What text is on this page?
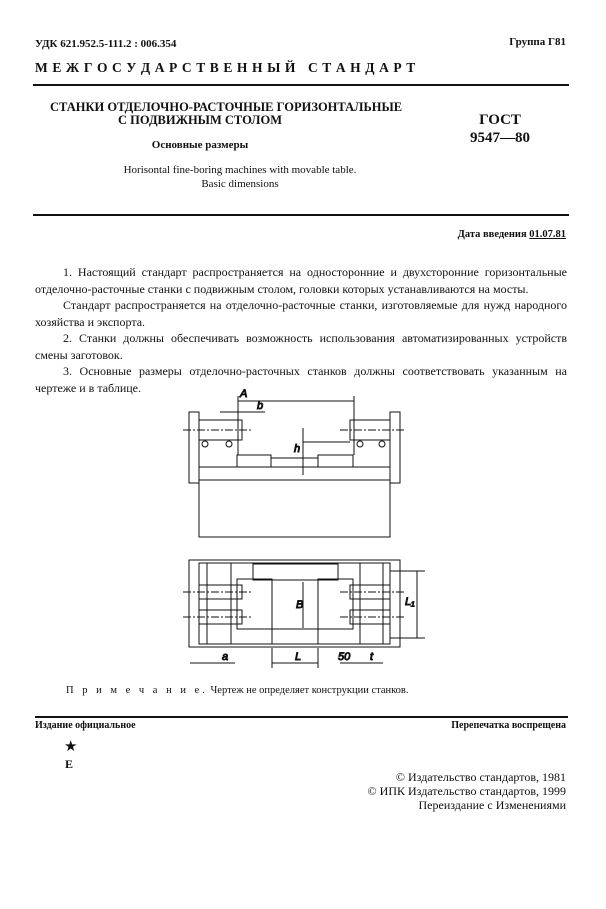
УДК 621.952.5-111.2 : 006.354	Группа Г81
М Е Ж Г О С У Д А Р С Т В Е Н Н Ы Й   С Т А Н Д А Р Т
СТАНКИ ОТДЕЛОЧНО-РАСТОЧНЫЕ ГОРИЗОНТАЛЬНЫЕ
С ПОДВИЖНЫМ СТОЛОМ
Основные размеры
Horisontal fine-boring machines with movable table.
Basic dimensions
ГОСТ
9547—80
Дата введения 01.07.81

1. Настоящий стандарт распространяется на односторонние и двухсторонние горизонтальные отделочно-расточные станки с подвижным столом, головки которых устанавливаются на мосты.

Стандарт распространяется на отделочно-расточные станки, изготовляемые для нужд народного хозяйства и экспорта.

2. Станки должны обеспечивать возможность использования автоматизированных устройств смены заготовок.

3. Основные размеры отделочно-расточных станков должны соответствовать указанным на чертеже и в таблице.	A
b
h
B	L₁
a	L	50 t
П р и м е ч а н и е. Чертеж не определяет конструкции станков.
Издание официальное	Перепечатка воспрещена
★
E
© Издательство стандартов, 1981
© ИПК Издательство стандартов, 1999
Переиздание с Изменениями
